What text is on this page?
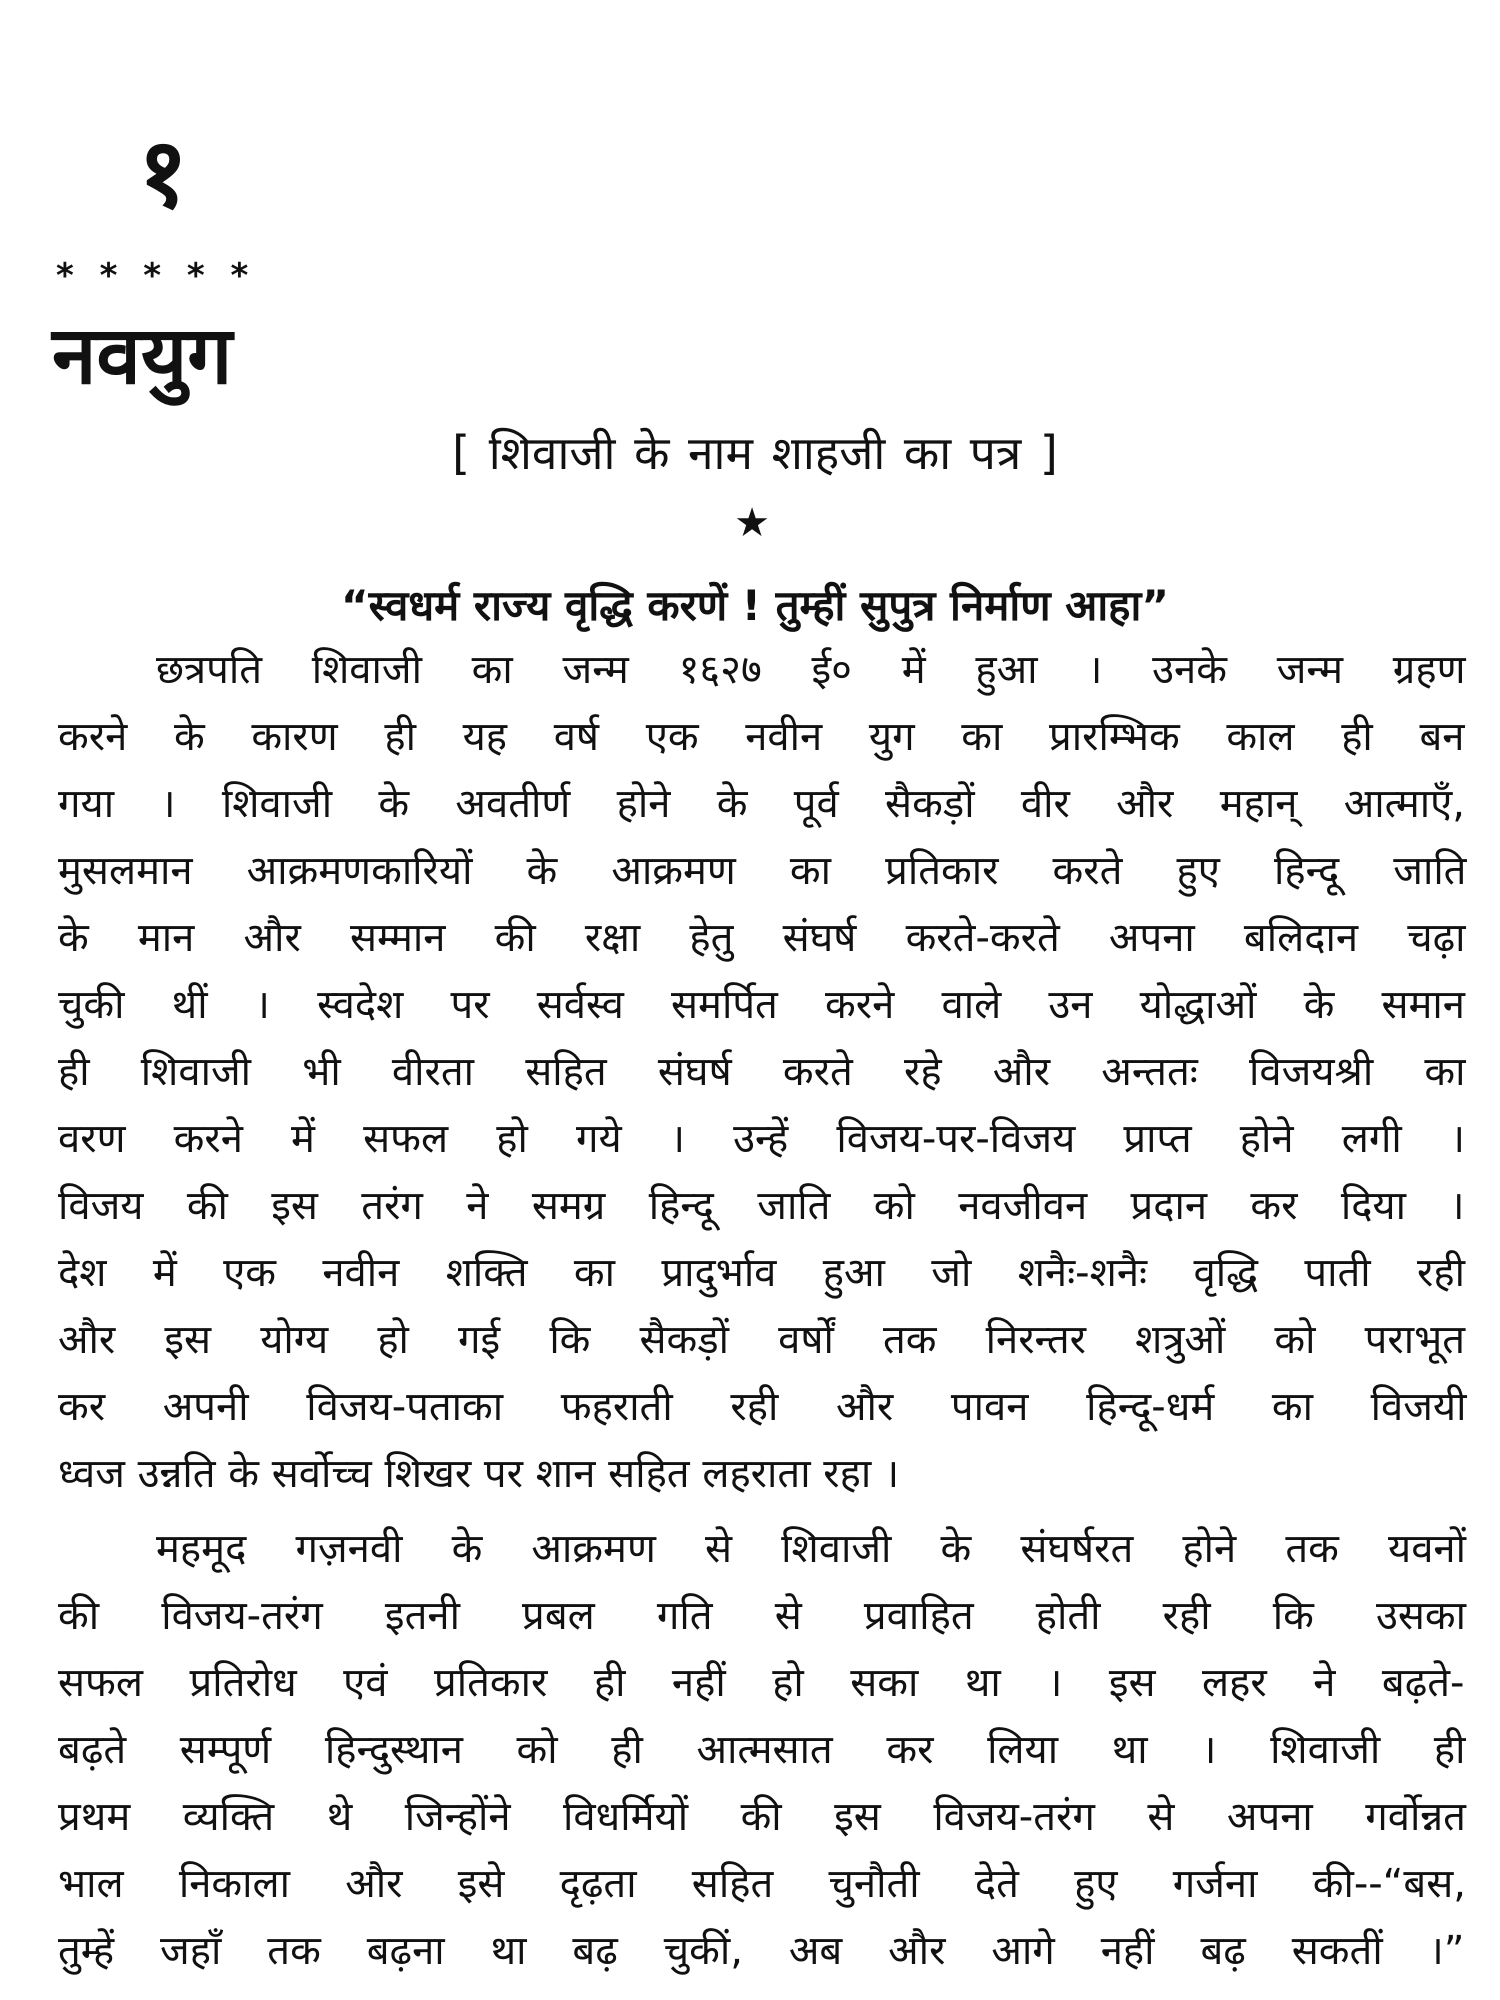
१
* * * * *
नवयुग
[ शिवाजी के नाम शाहजी का पत्र ]
★
“स्वधर्म राज्य वृद्धि करणें ! तुम्हीं सुपुत्र निर्माण आहा”
छत्रपति शिवाजी का जन्म १६२७ ई० में हुआ । उनके जन्म ग्रहण
करने के कारण ही यह वर्ष एक नवीन युग का प्रारम्भिक काल ही बन
गया । शिवाजी के अवतीर्ण होने के पूर्व सैकड़ों वीर और महान् आत्माएँ,
मुसलमान आक्रमणकारियों के आक्रमण का प्रतिकार करते हुए हिन्दू जाति
के मान और सम्मान की रक्षा हेतु संघर्ष करते-करते अपना बलिदान चढ़ा
चुकी थीं । स्वदेश पर सर्वस्व समर्पित करने वाले उन योद्धाओं के समान
ही शिवाजी भी वीरता सहित संघर्ष करते रहे और अन्ततः विजयश्री का
वरण करने में सफल हो गये । उन्हें विजय-पर-विजय प्राप्त होने लगी ।
विजय की इस तरंग ने समग्र हिन्दू जाति को नवजीवन प्रदान कर दिया ।
देश में एक नवीन शक्ति का प्रादुर्भाव हुआ जो शनैः-शनैः वृद्धि पाती रही
और इस योग्य हो गई कि सैकड़ों वर्षों तक निरन्तर शत्रुओं को पराभूत
कर अपनी विजय-पताका फहराती रही और पावन हिन्दू-धर्म का विजयी
ध्वज उन्नति के सर्वोच्च शिखर पर शान सहित लहराता रहा ।
महमूद गज़नवी के आक्रमण से शिवाजी के संघर्षरत होने तक यवनों
की विजय-तरंग इतनी प्रबल गति से प्रवाहित होती रही कि उसका
सफल प्रतिरोध एवं प्रतिकार ही नहीं हो सका था । इस लहर ने बढ़ते-
बढ़ते सम्पूर्ण हिन्दुस्थान को ही आत्मसात कर लिया था । शिवाजी ही
प्रथम व्यक्ति थे जिन्होंने विधर्मियों की इस विजय-तरंग से अपना गर्वोन्नत
भाल निकाला और इसे दृढ़ता सहित चुनौती देते हुए गर्जना की--“बस,
तुम्हें जहाँ तक बढ़ना था बढ़ चुकीं, अब और आगे नहीं बढ़ सकतीं ।”
